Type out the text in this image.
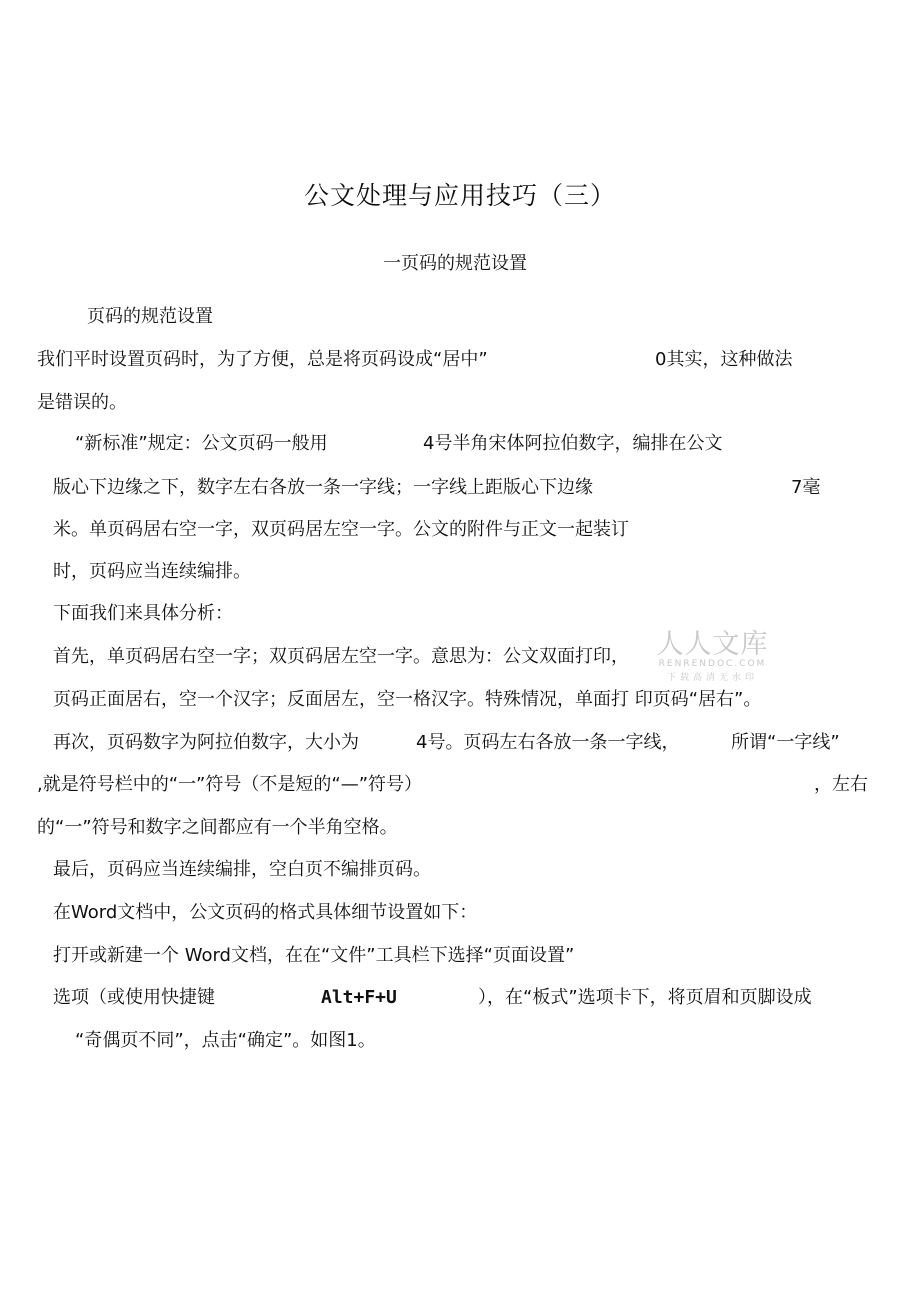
公文处理与应用技巧（三）
一页码的规范设置
页码的规范设置
我们平时设置页码时，为了方便，总是将页码设成“居中”	0其实，这种做法
是错误的。
“新标准”规定：公文页码一般用	4号半角宋体阿拉伯数字，编排在公文
版心下边缘之下，数字左右各放一条一字线；一字线上距版心下边缘	7毫
米。单页码居右空一字，双页码居左空一字。公文的附件与正文一起装订
时，页码应当连续编排。
下面我们来具体分析：
首先，单页码居右空一字；双页码居左空一字。意思为：公文双面打印，
页码正面居右，空一个汉字；反面居左，空一格汉字。特殊情况，单面打 印页码“居右”。
再次，页码数字为阿拉伯数字，大小为	4号。页码左右各放一条一字线，	所谓“一字线”
,就是符号栏中的“一”符号（不是短的“—”符号）	，左右
的“一”符号和数字之间都应有一个半角空格。
最后，页码应当连续编排，空白页不编排页码。
在Word文档中，公文页码的格式具体细节设置如下：
打开或新建一个 Word文档，在在“文件”工具栏下选择“页面设置”
选项（或使用快捷键	Alt+F+U	），在“板式”选项卡下，将页眉和页脚设成
“奇偶页不同”，点击“确定”。如图1。
人人文库
RENRENDOC.COM
下载高清无水印
